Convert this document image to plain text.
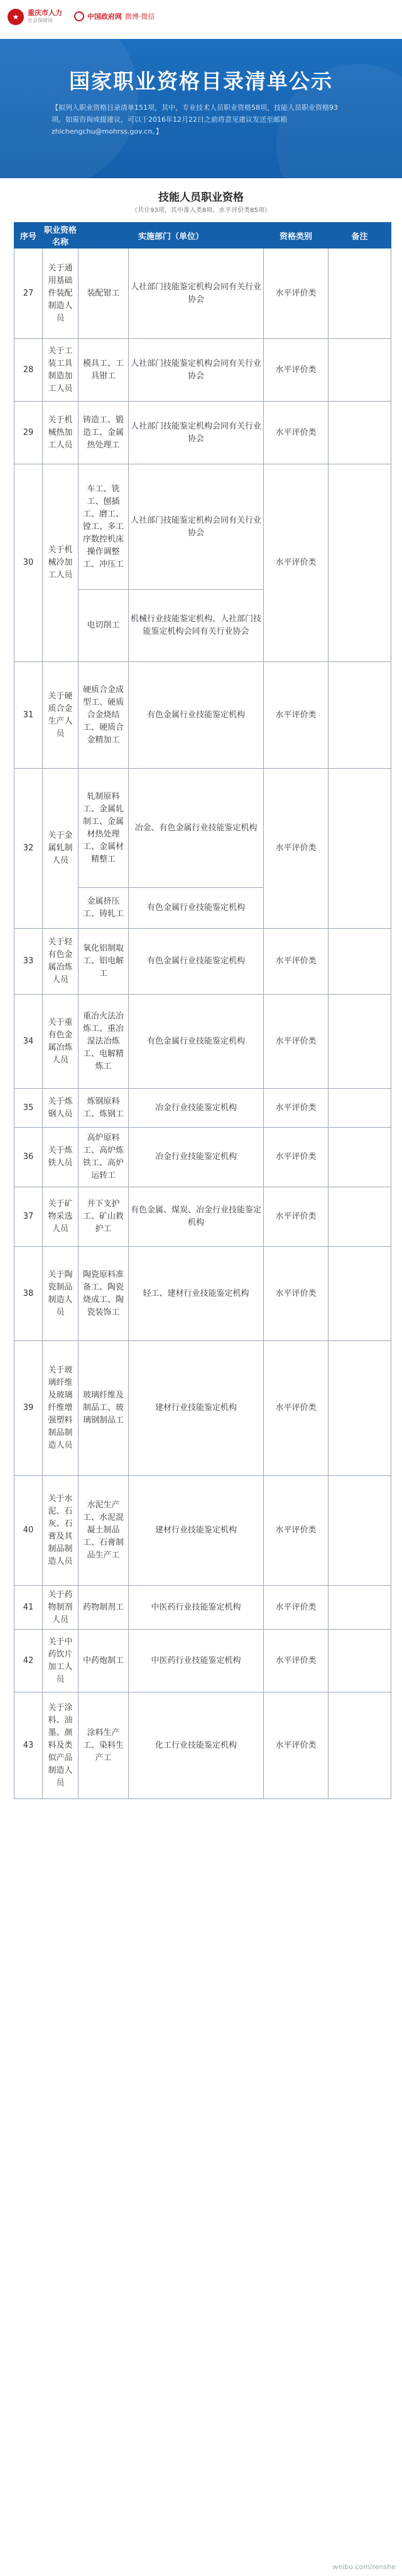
★	重庆市人力
社会保障局	中国政府网 微博·微信
国家职业资格目录清单公示
【拟列入职业资格目录清单151项，其中，专业技术人员职业资格58项，技能人员职业资格93项。如需咨询或提建议，可以于2016年12月22日之前将意见建议发送至邮箱zhichengchu@mohrss.gov.cn。】
技能人员职业资格
（共计93项，其中准入类8项、水平评价类85项）
序号	职业资格名称	实施部门（单位）		资格类别	备注
27	关于通用基础件装配制造人员	装配钳工	人社部门技能鉴定机构会同有关行业协会	水平评价类	
28	关于工装工具制造加工人员	模具工、工具钳工	人社部门技能鉴定机构会同有关行业协会	水平评价类	
29	关于机械热加工人员	铸造工、锻造工、金属热处理工	人社部门技能鉴定机构会同有关行业协会	水平评价类	
30	关于机械冷加工人员	车工、铣工、刨插工、磨工、镗工、多工序数控机床操作调整工、冲压工	人社部门技能鉴定机构会同有关行业协会	水平评价类	
		电切削工	机械行业技能鉴定机构、人社部门技能鉴定机构会同有关行业协会		
31	关于硬质合金生产人员	硬质合金成型工、硬质合金烧结工、硬质合金精加工	有色金属行业技能鉴定机构	水平评价类	
32	关于金属轧制人员	轧制原料工、金属轧制工、金属材热处理工、金属材精整工	冶金、有色金属行业技能鉴定机构	水平评价类	
		金属挤压工、铸轧工	有色金属行业技能鉴定机构		
33	关于轻有色金属冶炼人员	氧化铝制取工、铝电解工	有色金属行业技能鉴定机构	水平评价类	
34	关于重有色金属冶炼人员	重冶火法冶炼工、重冶湿法冶炼工、电解精炼工	有色金属行业技能鉴定机构	水平评价类	
35	关于炼钢人员	炼钢原料工、炼钢工	冶金行业技能鉴定机构	水平评价类	
36	关于炼铁人员	高炉原料工、高炉炼铁工、高炉运转工	冶金行业技能鉴定机构	水平评价类	
37	关于矿物采选人员	井下支护工、矿山救护工	有色金属、煤炭、冶金行业技能鉴定机构	水平评价类	
38	关于陶瓷制品制造人员	陶瓷原料准备工、陶瓷烧成工、陶瓷装饰工	轻工、建材行业技能鉴定机构	水平评价类	
39	关于玻璃纤维及玻璃纤维增强塑料制品制造人员	玻璃纤维及制品工、玻璃钢制品工	建材行业技能鉴定机构	水平评价类	
40	关于水泥、石灰、石膏及其制品制造人员	水泥生产工、水泥混凝土制品工、石膏制品生产工	建材行业技能鉴定机构	水平评价类	
41	关于药物制剂人员	药物制剂工	中医药行业技能鉴定机构	水平评价类	
42	关于中药饮片加工人员	中药炮制工	中医药行业技能鉴定机构	水平评价类	
43	关于涂料、油墨、颜料及类似产品制造人员	涂料生产工、染料生产工	化工行业技能鉴定机构	水平评价类	
weibo.com/renshe
